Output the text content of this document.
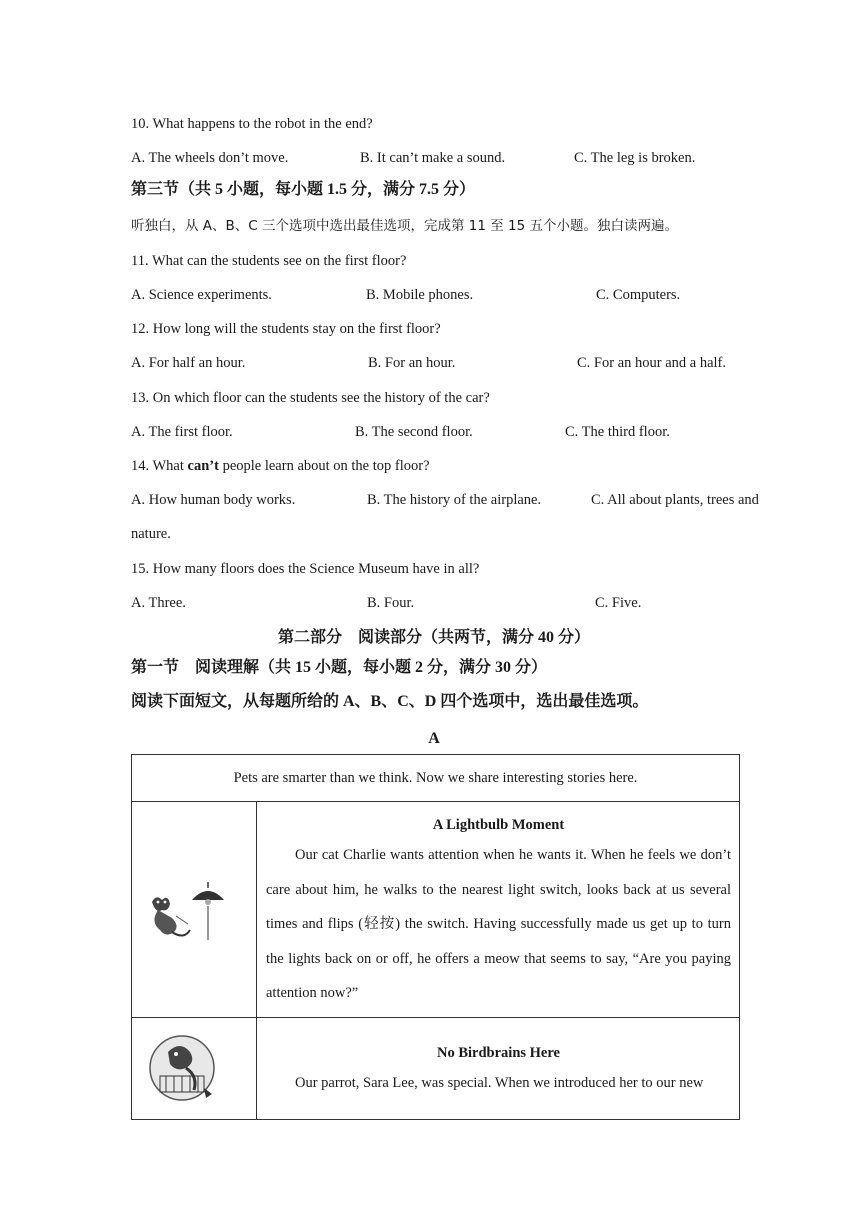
10. What happens to the robot in the end?
A. The wheels don’t move.	B. It can’t make a sound.	C. The leg is broken.
第三节（共 5 小题，每小题 1.5 分，满分 7.5 分）
听独白，从 A、B、C 三个选项中选出最佳选项，完成第 11 至 15 五个小题。独白读两遍。
11. What can the students see on the first floor?
A. Science experiments.	B. Mobile phones.	C. Computers.
12. How long will the students stay on the first floor?
A. For half an hour.	B. For an hour.	C. For an hour and a half.
13. On which floor can the students see the history of the car?
A. The first floor.	B. The second floor.	C. The third floor.
14. What can’t people learn about on the top floor?
A. How human body works.	B. The history of the airplane.	C. All about plants, trees and
nature.
15. How many floors does the Science Museum have in all?
A. Three.	B. Four.	C. Five.
第二部分　阅读部分（共两节，满分 40 分）
第一节　阅读理解（共 15 小题，每小题 2 分，满分 30 分）
阅读下面短文，从每题所给的 A、B、C、D 四个选项中，选出最佳选项。
A
Pets are smarter than we think. Now we share interesting stories here.	

A Lightbulb Moment
Our cat Charlie wants attention when he wants it. When he feels we don’t care about him, he walks to the nearest light switch, looks back at us several times and flips (轻按) the switch. Having successfully made us get up to turn the lights back on or off, he offers a meow that seems to say, “Are you paying attention now?”

No Birdbrains Here
Our parrot, Sara Lee, was special. When we introduced her to our new
